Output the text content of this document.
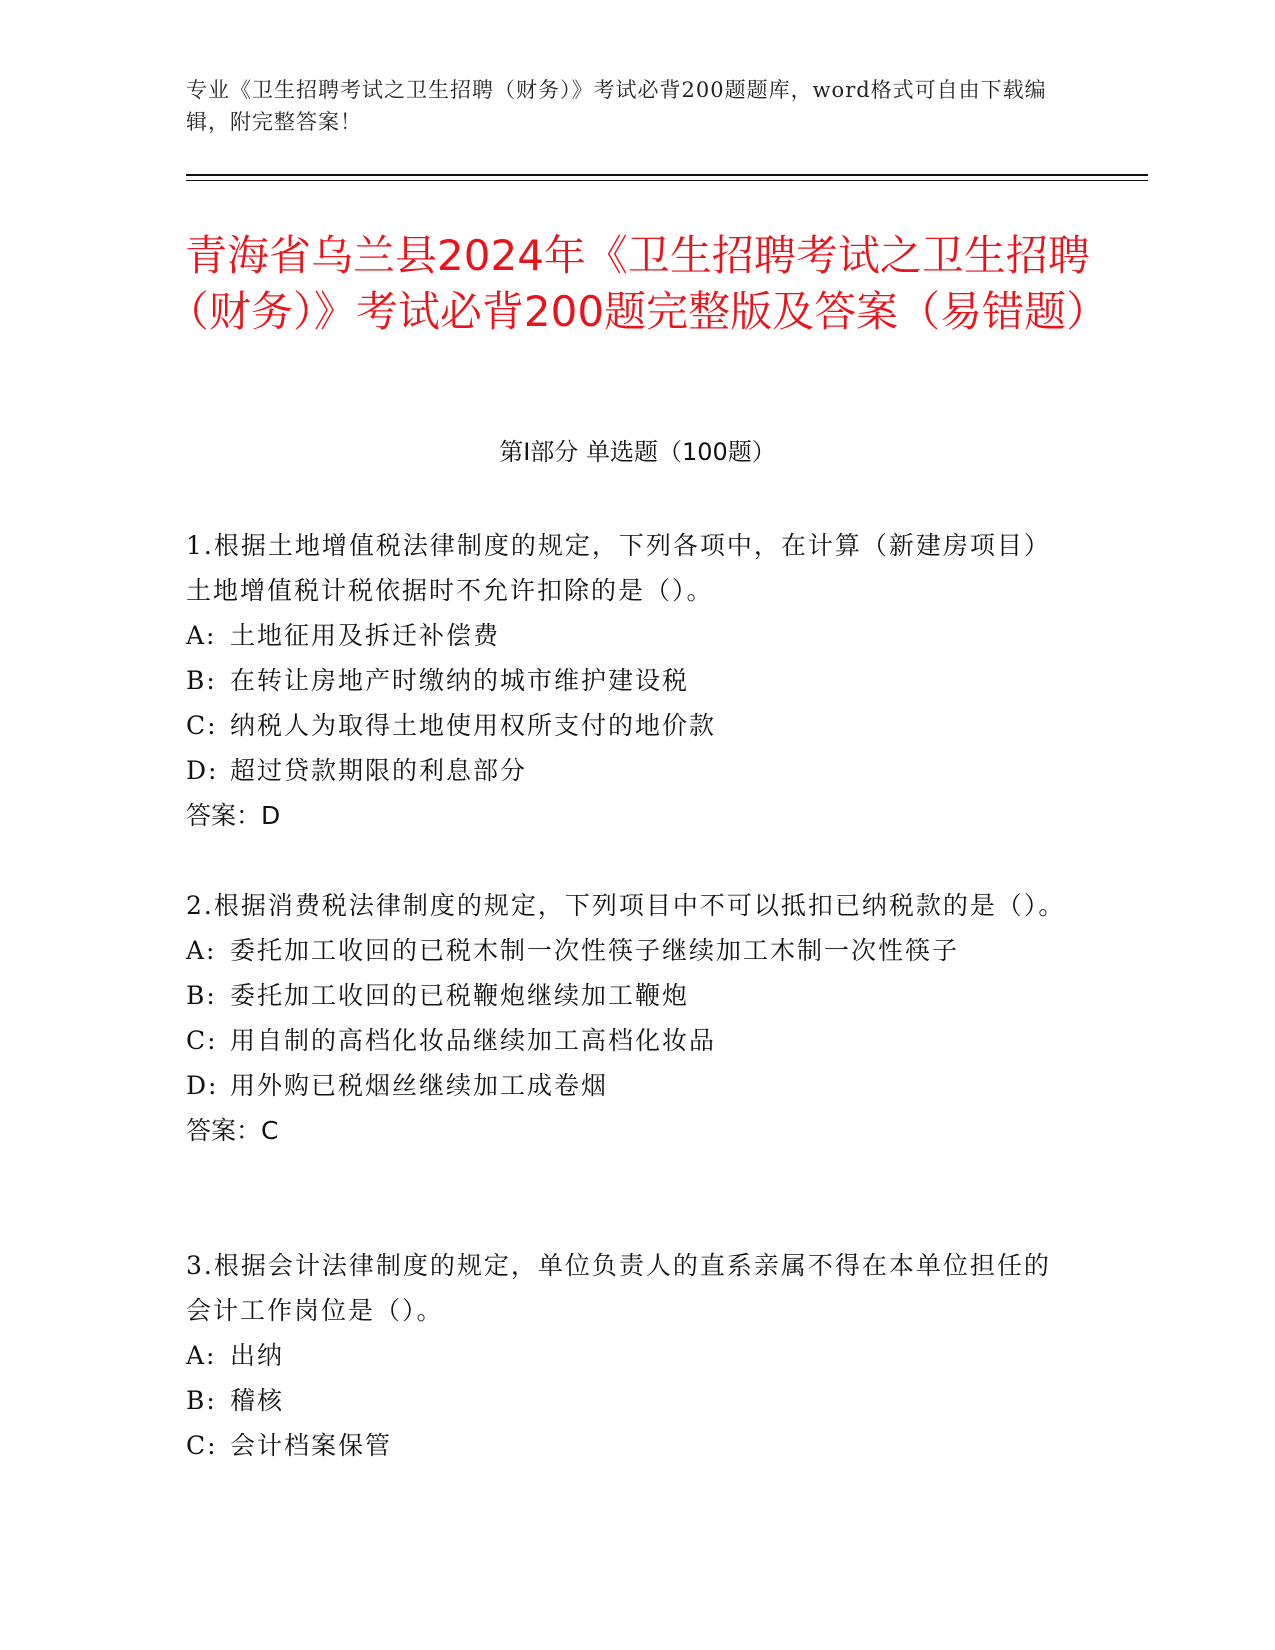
专业《卫生招聘考试之卫生招聘（财务）》考试必背200题题库，word格式可自由下载编辑，附完整答案！
青海省乌兰县2024年《卫生招聘考试之卫生招聘（财务）》考试必背200题完整版及答案（易错题）
第Ⅰ部分 单选题（100题）

1.根据土地增值税法律制度的规定，下列各项中，在计算（新建房项目）土地增值税计税依据时不允许扣除的是（）。

A: 土地征用及拆迁补偿费

B: 在转让房地产时缴纳的城市维护建设税

C: 纳税人为取得土地使用权所支付的地价款

D: 超过贷款期限的利息部分

答案：D

2.根据消费税法律制度的规定，下列项目中不可以抵扣已纳税款的是（）。

A: 委托加工收回的已税木制一次性筷子继续加工木制一次性筷子

B: 委托加工收回的已税鞭炮继续加工鞭炮

C: 用自制的高档化妆品继续加工高档化妆品

D: 用外购已税烟丝继续加工成卷烟

答案：C

3.根据会计法律制度的规定，单位负责人的直系亲属不得在本单位担任的会计工作岗位是（）。

A: 出纳

B: 稽核

C: 会计档案保管
